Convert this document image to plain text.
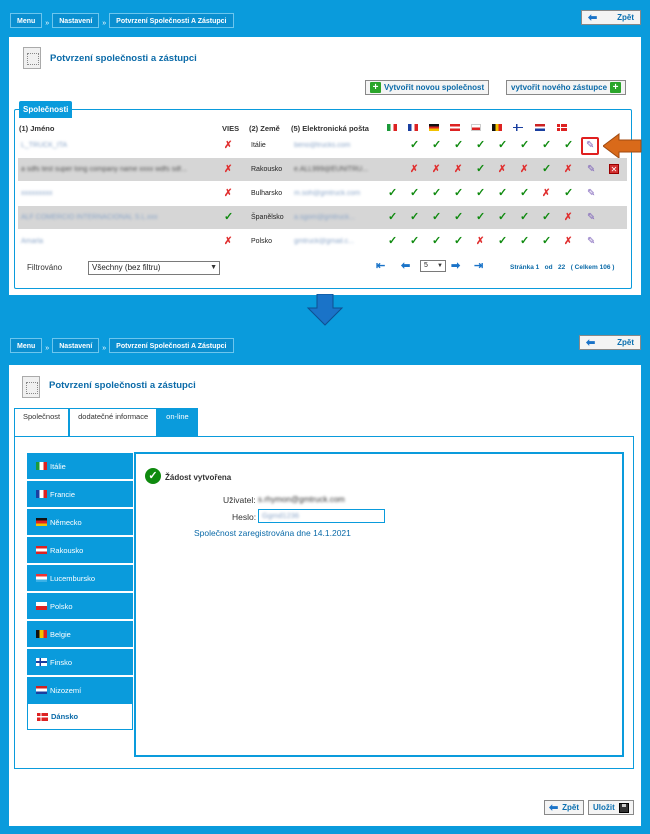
Menu	»	Nastavení	»	Potvrzení Společnosti A Zástupci	⬅ Zpět
Potvrzení společnosti a zástupci
+ Vytvořit novou společnost	vytvořit nového zástupce +
Společnosti
(1) Jméno	VIES (2) Země (5) Elektronická pošta
L_TRUCK_ITA	✗	Itálie	beno@trucks.com	✓ ✓ ✓ ✓ ✓ ✓ ✓ ✓ ✎
a sdfs test super long company name xxxx wdfs sdf...	✗	Rakousko e.ALL999@EUNITRU...	✗ ✗ ✗ ✓ ✗ ✗ ✓ ✗ ✎ ✕
xxxxxxxxx	✗	Bulharsko m.soh@gmtruck.com	✓ ✓ ✓ ✓ ✓ ✓ ✓ ✗ ✓ ✎
ALF COMERCIO INTERNACIONAL S.L.xxx	✓	Španělsko a.sgom@gmtruck...	✓ ✓ ✓ ✓ ✓ ✓ ✓ ✓ ✗ ✎
Amarla	✗	Polsko	gmtruck@gmail.c...	✓ ✓ ✓ ✓ ✗ ✓ ✓ ✓ ✗ ✎
Filtrováno	Všechny (bez filtru)	▼	⇤ ⬅	5 ▼ ➡ ⇥	Stránka 1   od   22   ( Celkem 106 )
Menu	»	Nastavení	»	Potvrzení Společnosti A Zástupci	⬅	Zpět
Potvrzení společnosti a zástupci
Společnost	dodatečné informace	on-line
Itálie
Francie
Německo
Rakousko
Lucembursko
Polsko
Belgie
Finsko
Nizozemí
Dánsko
✓ Žádost vytvořena
Uživatel: s.rhymon@gmtruck.com
Heslo: Ggmd1236
Společnost zaregistrována dne 14.1.2021
⬅ Zpět Uložit
